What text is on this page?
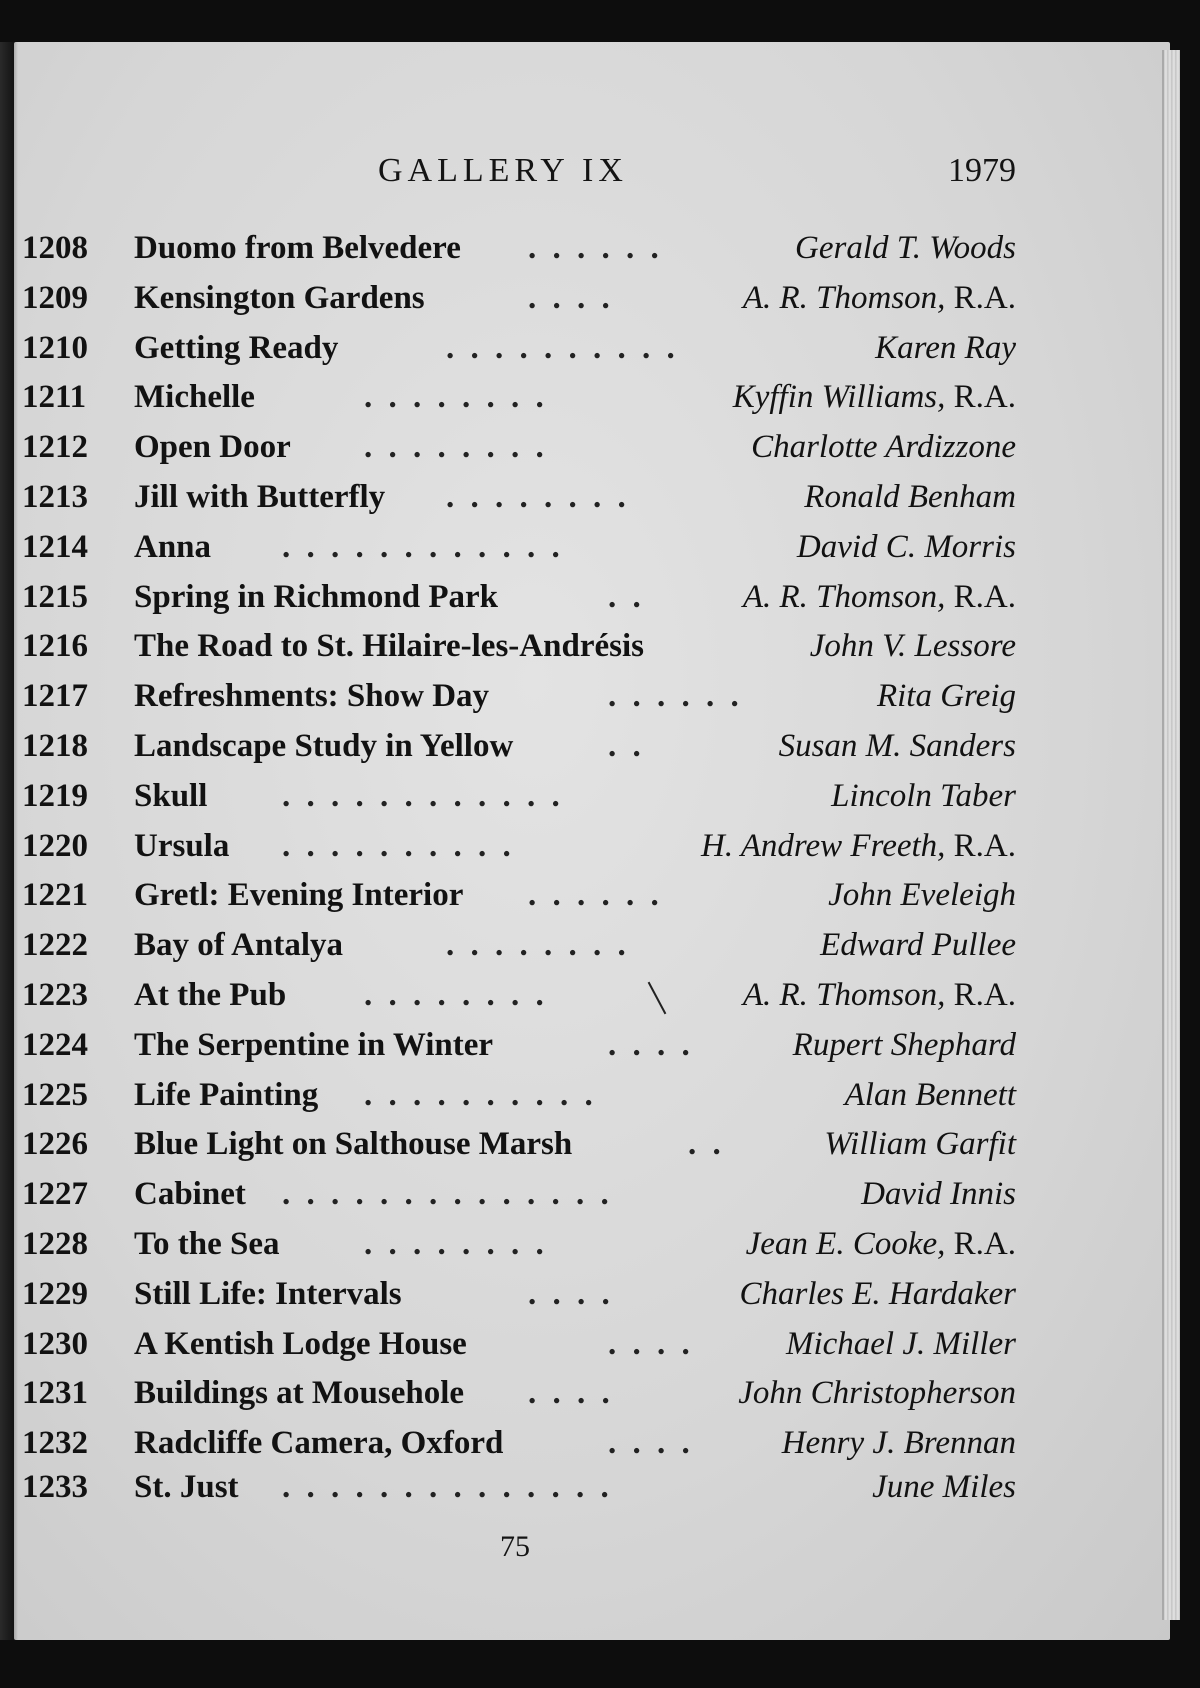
GALLERY IX	1979
1208 Duomo from Belvedere . . . . . .	Gerald T. Woods
1209 Kensington Gardens	. . . .	A. R. Thomson, R.A.
1210 Getting Ready	. . . . . . . . . .	Karen Ray
1211 Michelle	. . . . . . . .	Kyffin Williams, R.A.
1212 Open Door . . . . . . . .	Charlotte Ardizzone
1213 Jill with Butterfly . . . . . . . .	Ronald Benham
1214 Anna . . . . . . . . . . . .	David C. Morris
1215 Spring in Richmond Park	. .	A. R. Thomson, R.A.
1216 The Road to St. Hilaire-les-Andrésis	John V. Lessore
1217 Refreshments: Show Day	. . . . . .	Rita Greig
1218 Landscape Study in Yellow	. .	Susan M. Sanders
1219 Skull . . . . . . . . . . . .	Lincoln Taber
1220 Ursula . . . . . . . . . .	H. Andrew Freeth, R.A.
1221 Gretl: Evening Interior . . . . . .	John Eveleigh
1222 Bay of Antalya	. . . . . . . .	Edward Pullee
1223 At the Pub . . . . . . . .	A. R. Thomson, R.A.
1224 The Serpentine in Winter	. . . .	Rupert Shephard
1225 Life Painting . . . . . . . . . .	Alan Bennett
1226 Blue Light on Salthouse Marsh	. .	William Garfit
1227 Cabinet . . . . . . . . . . . . . .	David Innis
1228 To the Sea	. . . . . . . .	Jean E. Cooke, R.A.
1229 Still Life: Intervals	. . . .	Charles E. Hardaker
1230 A Kentish Lodge House	. . . .	Michael J. Miller
1231 Buildings at Mousehole . . . .	John Christopherson
1232 Radcliffe Camera, Oxford	. . . .	Henry J. Brennan
1233 St. Just . . . . . . . . . . . . . .	June Miles
75
